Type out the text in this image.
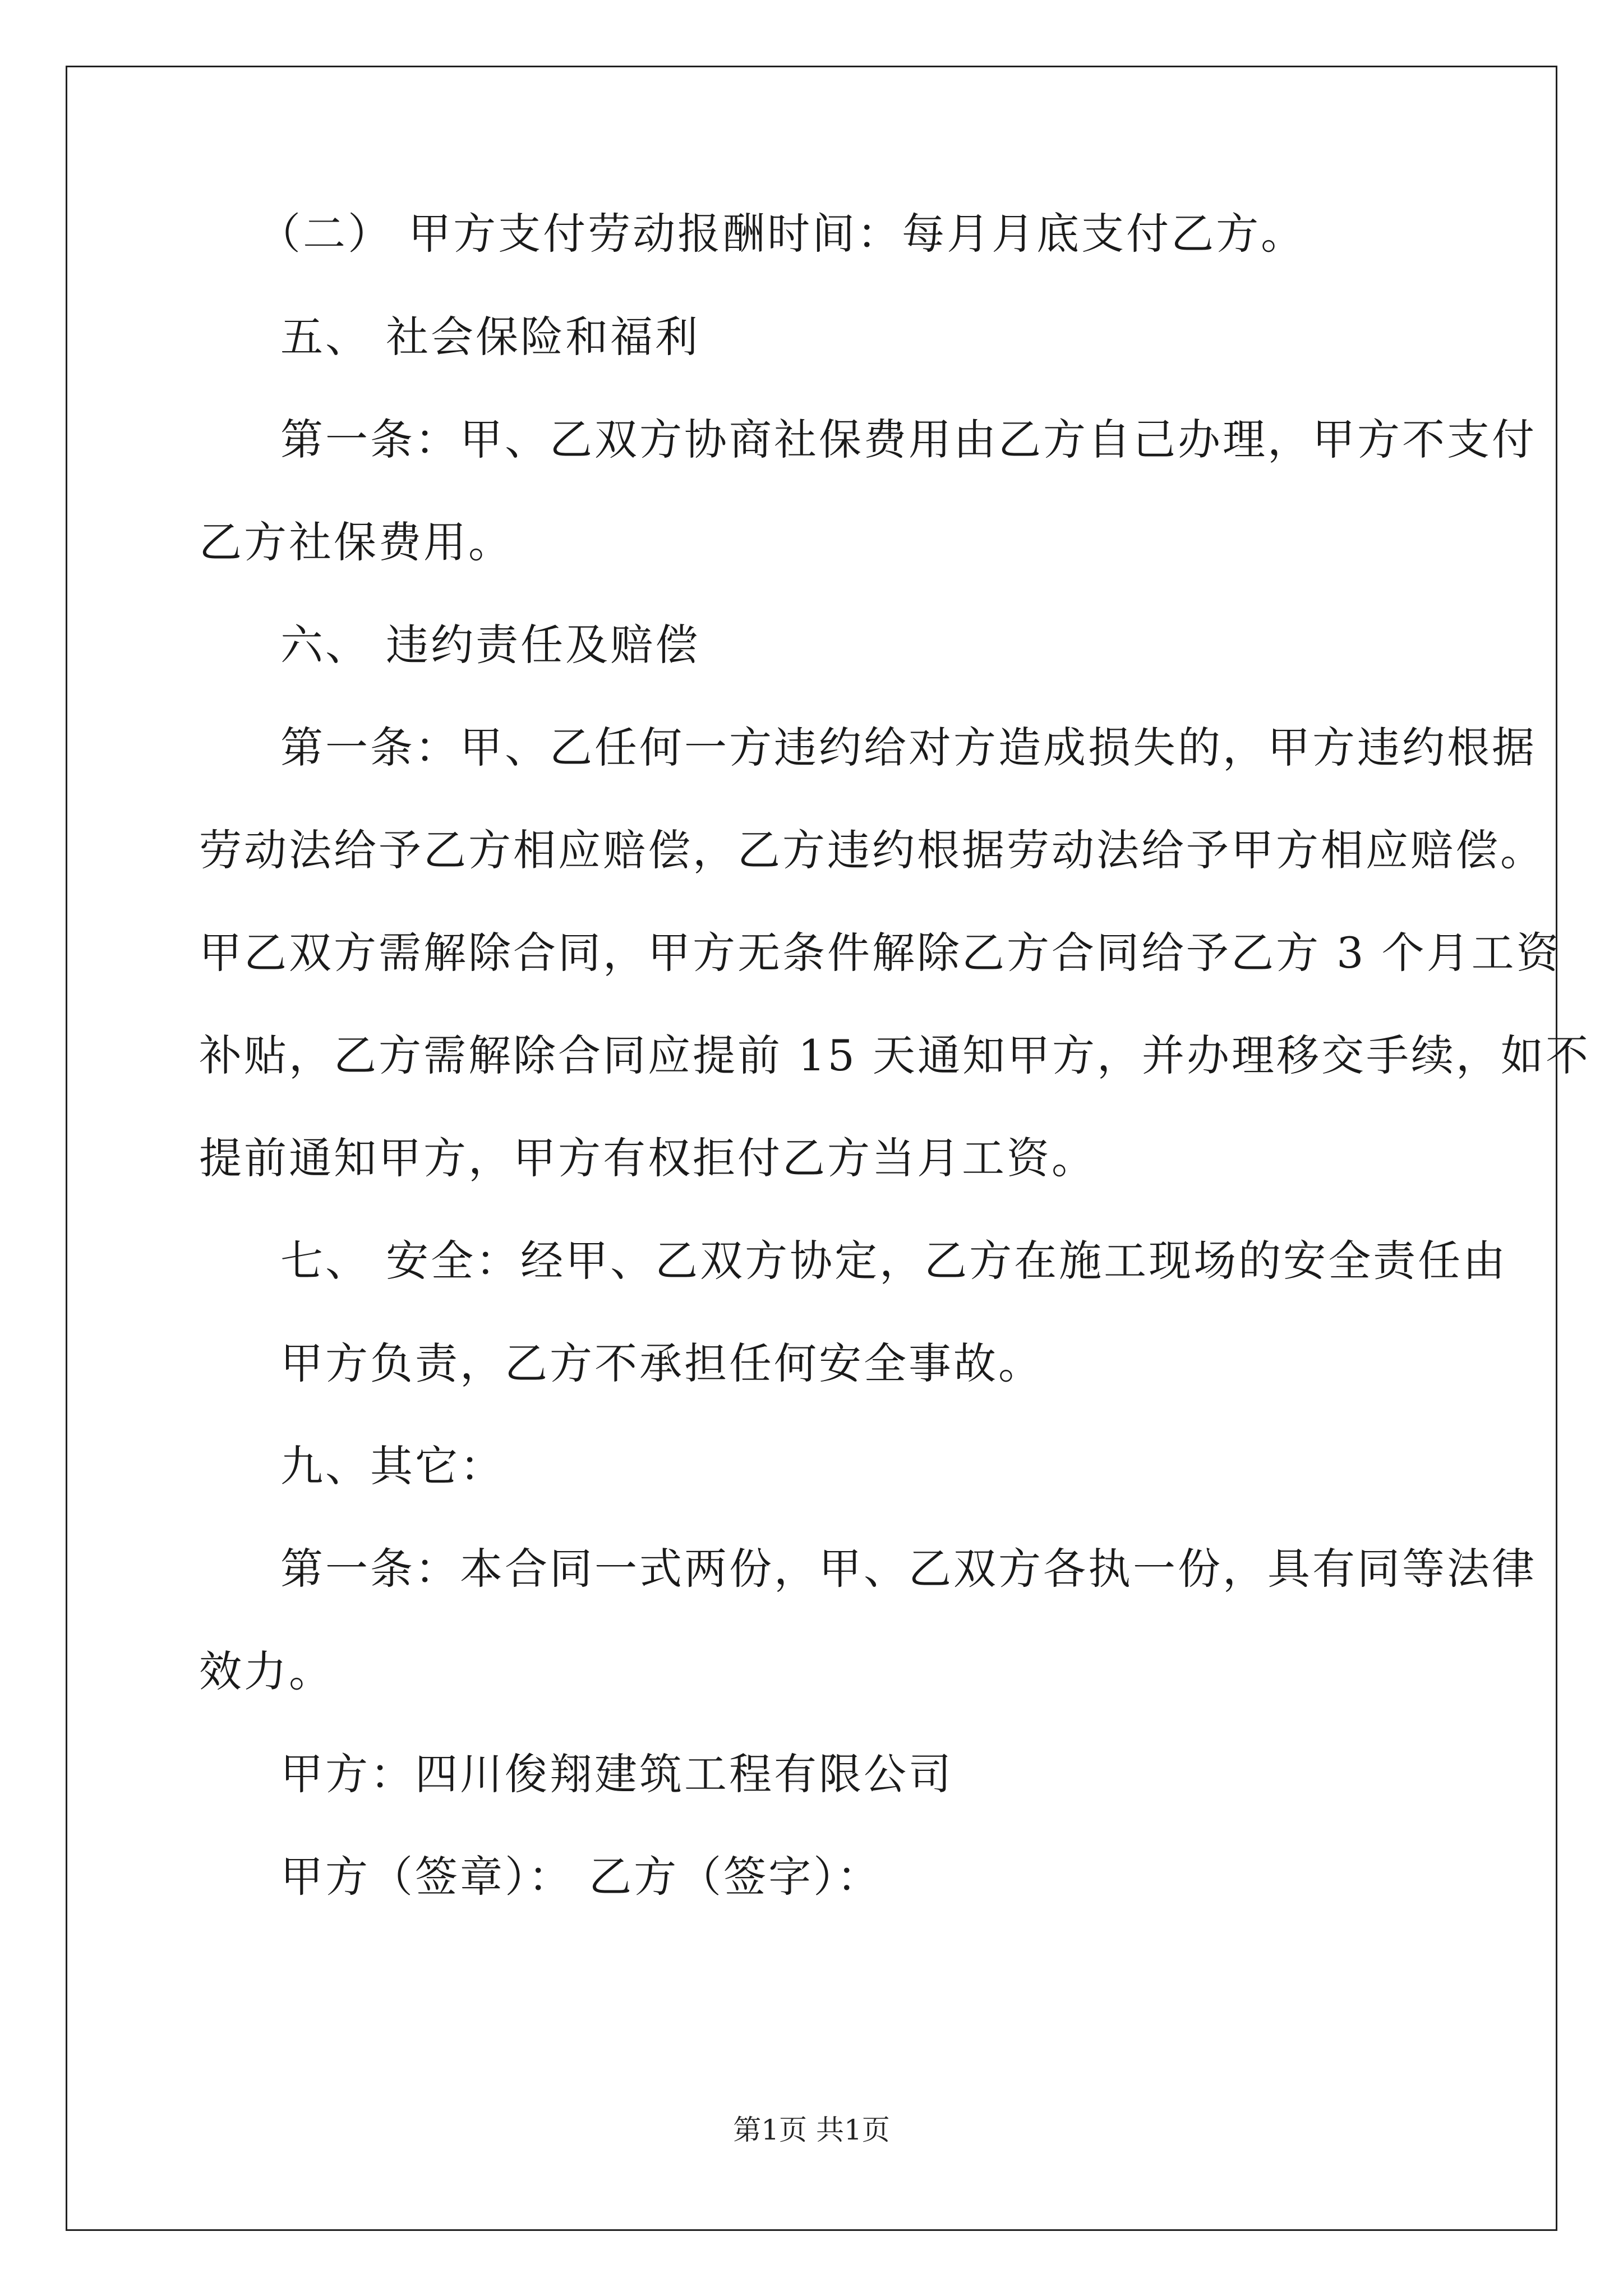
（二） 甲方支付劳动报酬时间：每月月底支付乙方。
五、 社会保险和福利
第一条：甲、乙双方协商社保费用由乙方自己办理，甲方不支付
乙方社保费用。
六、 违约责任及赔偿
第一条：甲、乙任何一方违约给对方造成损失的，甲方违约根据
劳动法给予乙方相应赔偿，乙方违约根据劳动法给予甲方相应赔偿。
甲乙双方需解除合同，甲方无条件解除乙方合同给予乙方 3 个月工资
补贴，乙方需解除合同应提前 15 天通知甲方，并办理移交手续，如不
提前通知甲方，甲方有权拒付乙方当月工资。
七、 安全：经甲、乙双方协定，乙方在施工现场的安全责任由
甲方负责，乙方不承担任何安全事故。
九、其它：
第一条：本合同一式两份，甲、乙双方各执一份，具有同等法律
效力。
甲方：四川俊翔建筑工程有限公司
甲方（签章）： 乙方（签字）：
第1页 共1页
